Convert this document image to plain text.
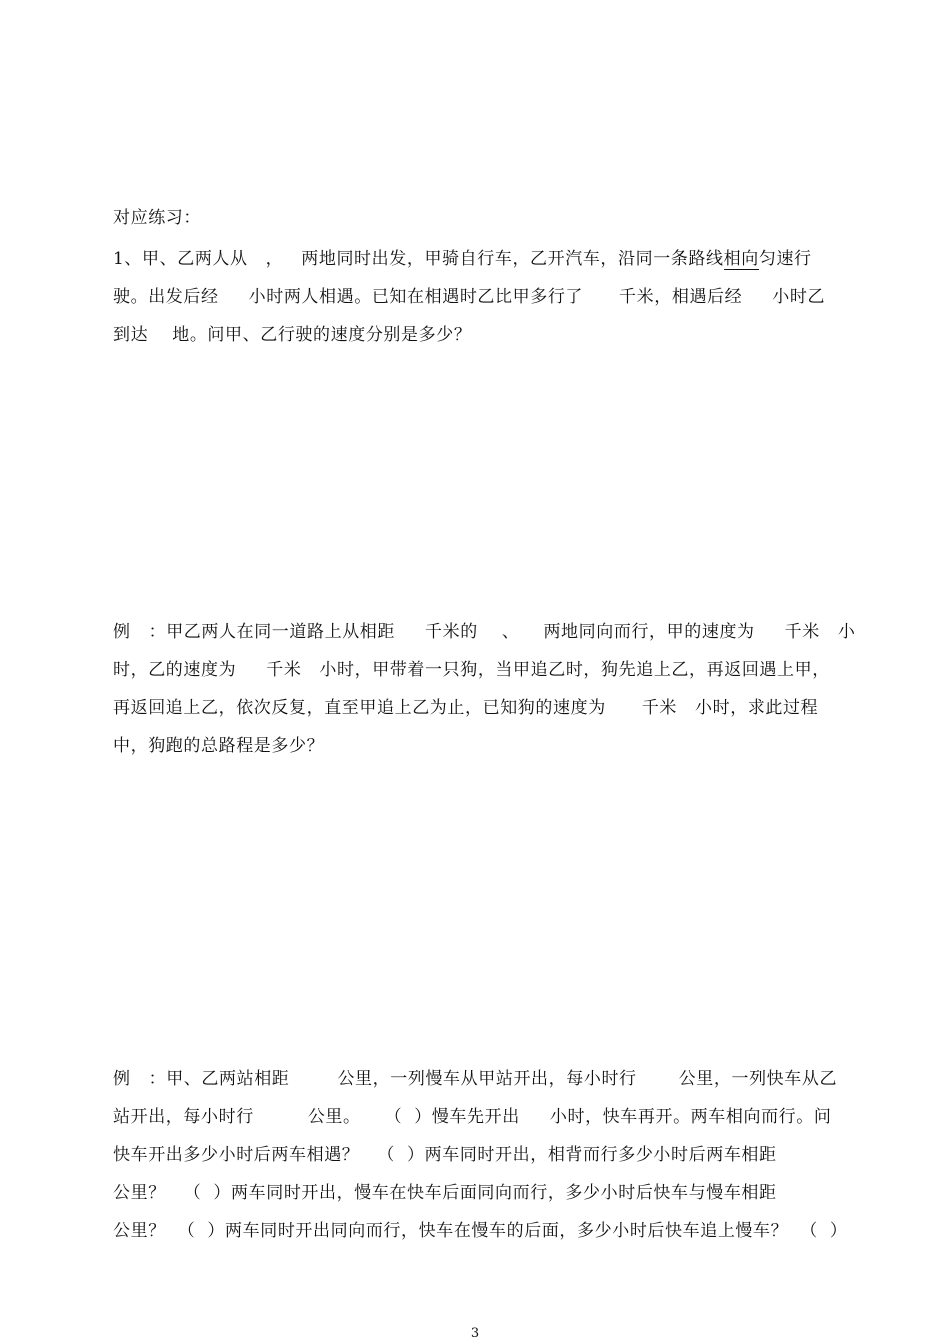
对应练习：
1、甲、乙两人从   ，   两地同时出发，甲骑自行车，乙开汽车，沿同一条路线相向匀速行
驶。出发后经     小时两人相遇。已知在相遇时乙比甲多行了      千米，相遇后经     小时乙
到达    地。问甲、乙行驶的速度分别是多少？
例   ：甲乙两人在同一道路上从相距     千米的    、    两地同向而行，甲的速度为     千米   小
时，乙的速度为     千米   小时，甲带着一只狗，当甲追乙时，狗先追上乙，再返回遇上甲，
再返回追上乙，依次反复，直至甲追上乙为止，已知狗的速度为      千米   小时，求此过程
中，狗跑的总路程是多少？
例   ：甲、乙两站相距        公里，一列慢车从甲站开出，每小时行       公里，一列快车从乙
站开出，每小时行         公里。    （  ）慢车先开出     小时，快车再开。两车相向而行。问
快车开出多少小时后两车相遇？   （  ）两车同时开出，相背而行多少小时后两车相距
公里？   （  ）两车同时开出，慢车在快车后面同向而行，多少小时后快车与慢车相距
公里？  （  ）两车同时开出同向而行，快车在慢车的后面，多少小时后快车追上慢车？  （  ）
3
